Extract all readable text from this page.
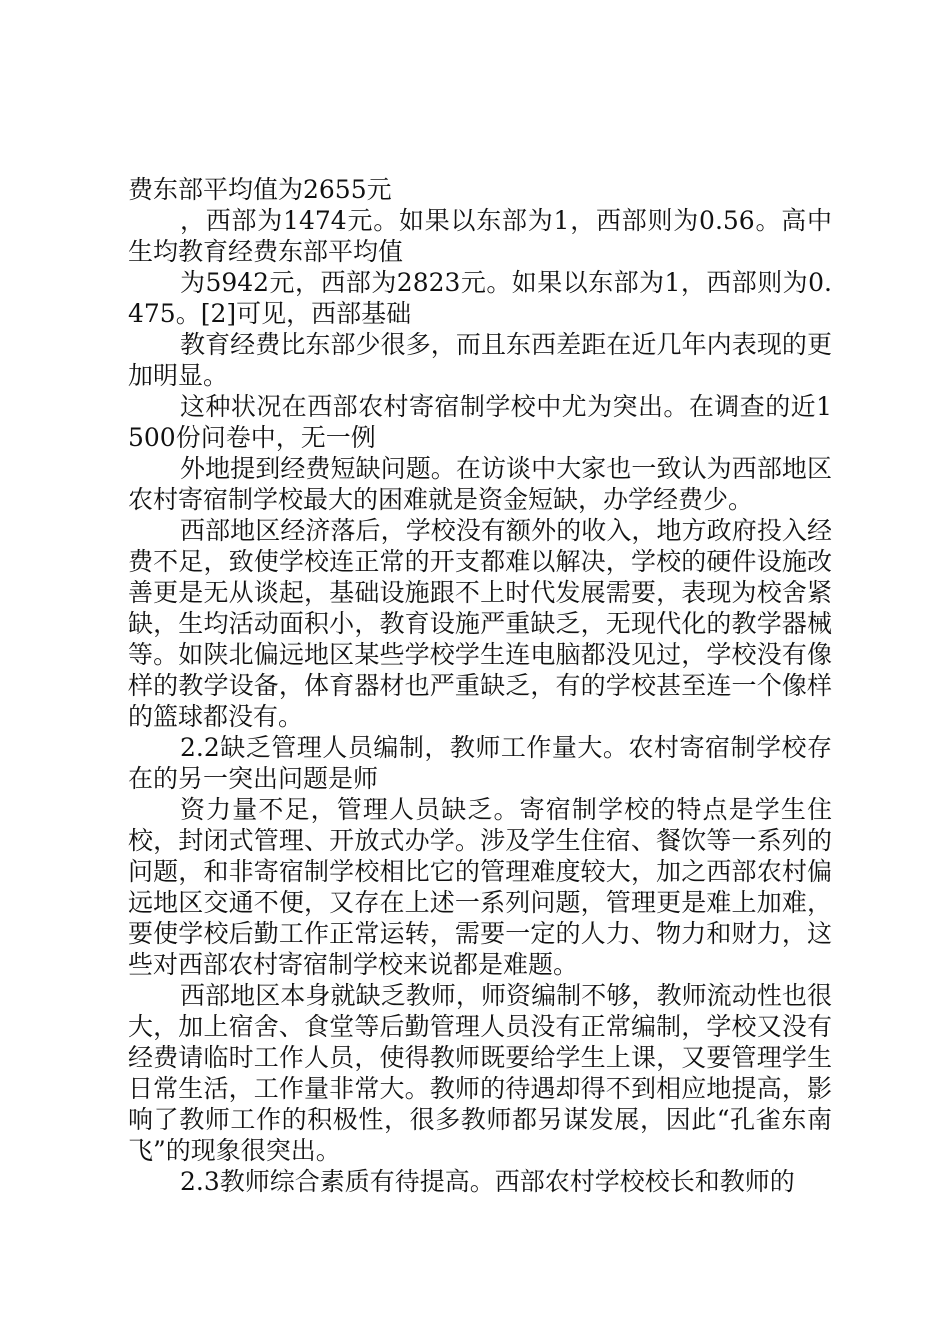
费东部平均值为2655元

，西部为1474元。如果以东部为1，西部则为0.56。高中生均教育经费东部平均值

为5942元，西部为2823元。如果以东部为1，西部则为0.475。[2]可见，西部基础

教育经费比东部少很多，而且东西差距在近几年内表现的更加明显。

这种状况在西部农村寄宿制学校中尤为突出。在调查的近1500份问卷中，无一例

外地提到经费短缺问题。在访谈中大家也一致认为西部地区农村寄宿制学校最大的困难就是资金短缺，办学经费少。

西部地区经济落后，学校没有额外的收入，地方政府投入经费不足，致使学校连正常的开支都难以解决，学校的硬件设施改善更是无从谈起，基础设施跟不上时代发展需要，表现为校舍紧缺，生均活动面积小，教育设施严重缺乏，无现代化的教学器械等。如陕北偏远地区某些学校学生连电脑都没见过，学校没有像样的教学设备，体育器材也严重缺乏，有的学校甚至连一个像样的篮球都没有。

2.2缺乏管理人员编制，教师工作量大。农村寄宿制学校存在的另一突出问题是师

资力量不足，管理人员缺乏。寄宿制学校的特点是学生住校，封闭式管理、开放式办学。涉及学生住宿、餐饮等一系列的问题，和非寄宿制学校相比它的管理难度较大，加之西部农村偏远地区交通不便，又存在上述一系列问题，管理更是难上加难，要使学校后勤工作正常运转，需要一定的人力、物力和财力，这些对西部农村寄宿制学校来说都是难题。

西部地区本身就缺乏教师，师资编制不够，教师流动性也很大，加上宿舍、食堂等后勤管理人员没有正常编制，学校又没有经费请临时工作人员，使得教师既要给学生上课，又要管理学生日常生活，工作量非常大。教师的待遇却得不到相应地提高，影响了教师工作的积极性，很多教师都另谋发展，因此“孔雀东南飞”的现象很突出。

2.3教师综合素质有待提高。西部农村学校校长和教师的
